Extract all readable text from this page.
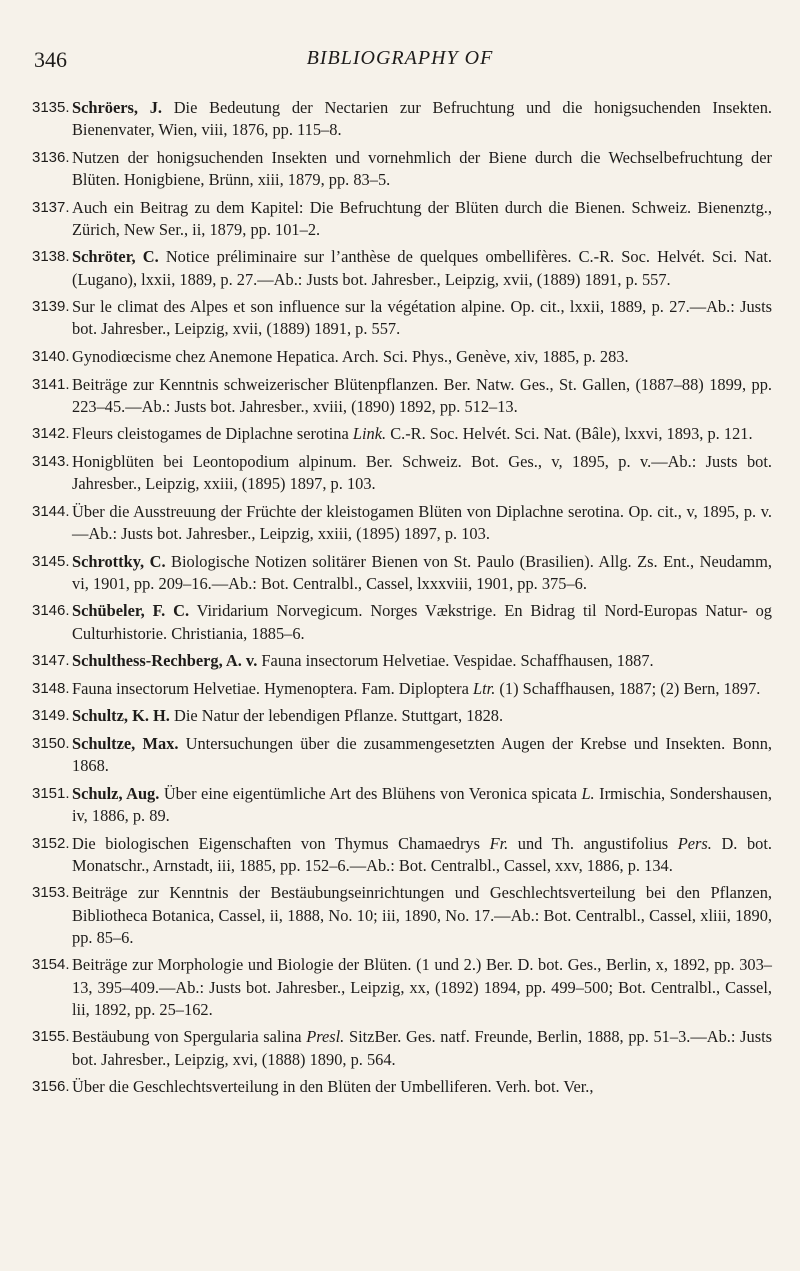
346	BIBLIOGRAPHY OF
3135. Schröers, J. Die Bedeutung der Nectarien zur Befruchtung und die honigsuchenden Insekten. Bienenvater, Wien, viii, 1876, pp. 115–8.
3136. Nutzen der honigsuchenden Insekten und vornehmlich der Biene durch die Wechselbefruchtung der Blüten. Honigbiene, Brünn, xiii, 1879, pp. 83–5.
3137. Auch ein Beitrag zu dem Kapitel: Die Befruchtung der Blüten durch die Bienen. Schweiz. Bienenztg., Zürich, New Ser., ii, 1879, pp. 101–2.
3138. Schröter, C. Notice préliminaire sur l’anthèse de quelques ombellifères. C.-R. Soc. Helvét. Sci. Nat. (Lugano), lxxii, 1889, p. 27.—Ab.: Justs bot. Jahresber., Leipzig, xvii, (1889) 1891, p. 557.
3139. Sur le climat des Alpes et son influence sur la végétation alpine. Op. cit., lxxii, 1889, p. 27.—Ab.: Justs bot. Jahresber., Leipzig, xvii, (1889) 1891, p. 557.
3140. Gynodiœcisme chez Anemone Hepatica. Arch. Sci. Phys., Genève, xiv, 1885, p. 283.
3141. Beiträge zur Kenntnis schweizerischer Blütenpflanzen. Ber. Natw. Ges., St. Gallen, (1887–88) 1899, pp. 223–45.—Ab.: Justs bot. Jahresber., xviii, (1890) 1892, pp. 512–13.
3142. Fleurs cleistogames de Diplachne serotina Link. C.-R. Soc. Helvét. Sci. Nat. (Bâle), lxxvi, 1893, p. 121.
3143. Honigblüten bei Leontopodium alpinum. Ber. Schweiz. Bot. Ges., v, 1895, p. v.—Ab.: Justs bot. Jahresber., Leipzig, xxiii, (1895) 1897, p. 103.
3144. Über die Ausstreuung der Früchte der kleistogamen Blüten von Diplachne serotina. Op. cit., v, 1895, p. v.—Ab.: Justs bot. Jahresber., Leipzig, xxiii, (1895) 1897, p. 103.
3145. Schrottky, C. Biologische Notizen solitärer Bienen von St. Paulo (Brasilien). Allg. Zs. Ent., Neudamm, vi, 1901, pp. 209–16.—Ab.: Bot. Centralbl., Cassel, lxxxviii, 1901, pp. 375–6.
3146. Schübeler, F. C. Viridarium Norvegicum. Norges Vækstrige. En Bidrag til Nord-Europas Natur- og Culturhistorie. Christiania, 1885–6.
3147. Schulthess-Rechberg, A. v. Fauna insectorum Helvetiae. Vespidae. Schaffhausen, 1887.
3148. Fauna insectorum Helvetiae. Hymenoptera. Fam. Diploptera Ltr. (1) Schaffhausen, 1887; (2) Bern, 1897.
3149. Schultz, K. H. Die Natur der lebendigen Pflanze. Stuttgart, 1828.
3150. Schultze, Max. Untersuchungen über die zusammengesetzten Augen der Krebse und Insekten. Bonn, 1868.
3151. Schulz, Aug. Über eine eigentümliche Art des Blühens von Veronica spicata L. Irmischia, Sondershausen, iv, 1886, p. 89.
3152. Die biologischen Eigenschaften von Thymus Chamaedrys Fr. und Th. angustifolius Pers. D. bot. Monatschr., Arnstadt, iii, 1885, pp. 152–6.—Ab.: Bot. Centralbl., Cassel, xxv, 1886, p. 134.
3153. Beiträge zur Kenntnis der Bestäubungseinrichtungen und Geschlechtsverteilung bei den Pflanzen, Bibliotheca Botanica, Cassel, ii, 1888, No. 10; iii, 1890, No. 17.—Ab.: Bot. Centralbl., Cassel, xliii, 1890, pp. 85–6.
3154. Beiträge zur Morphologie und Biologie der Blüten. (1 und 2.) Ber. D. bot. Ges., Berlin, x, 1892, pp. 303–13, 395–409.—Ab.: Justs bot. Jahresber., Leipzig, xx, (1892) 1894, pp. 499–500; Bot. Centralbl., Cassel, lii, 1892, pp. 25–162.
3155. Bestäubung von Spergularia salina Presl. SitzBer. Ges. natf. Freunde, Berlin, 1888, pp. 51–3.—Ab.: Justs bot. Jahresber., Leipzig, xvi, (1888) 1890, p. 564.
3156. Über die Geschlechtsverteilung in den Blüten der Umbelliferen. Verh. bot. Ver.,
